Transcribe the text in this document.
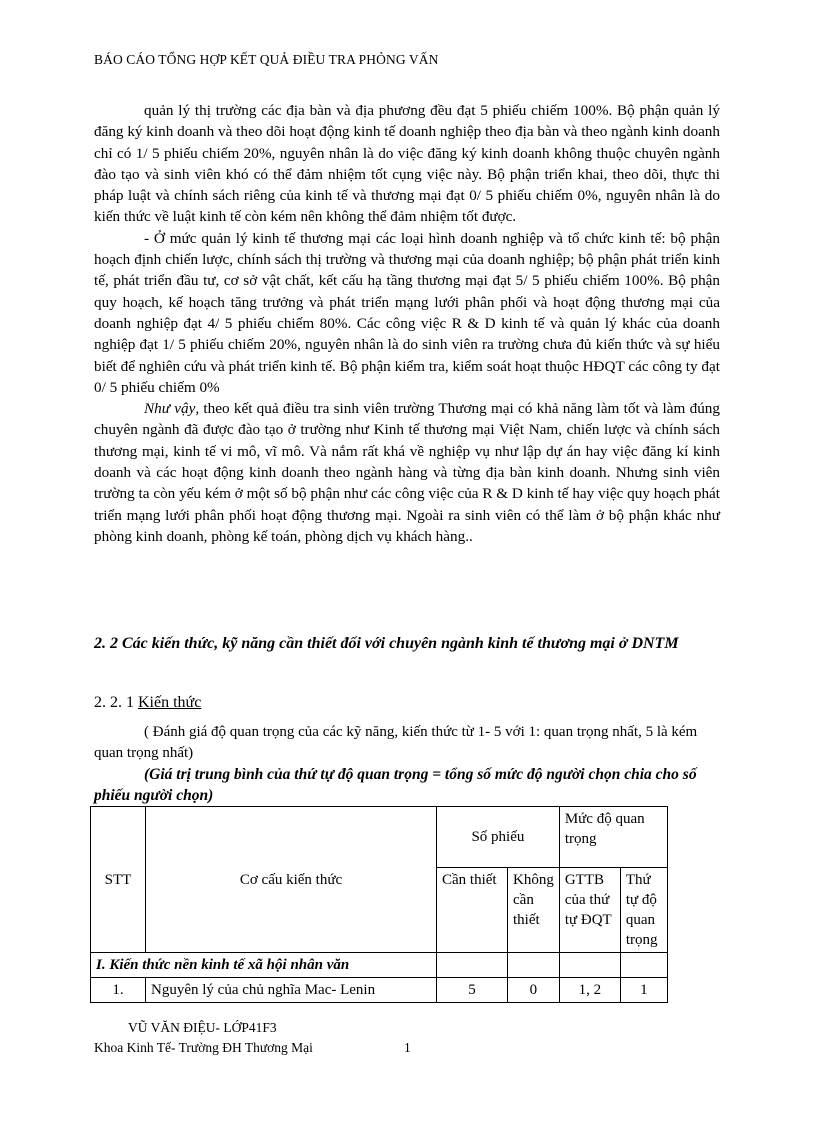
BÁO CÁO TỔNG HỢP KẾT QUẢ ĐIỀU TRA PHỎNG VẤN

quản lý thị trường các địa bàn và địa phương đều đạt 5 phiếu chiếm 100%. Bộ phận quản lý đăng ký kinh doanh và theo dõi hoạt động kinh tế doanh nghiệp theo địa bàn và theo ngành kinh doanh chỉ có 1/ 5 phiếu chiếm 20%, nguyên nhân là do việc đăng ký kinh doanh không thuộc chuyên ngành đào tạo và sinh viên khó có thể đảm nhiệm tốt cụng việc này. Bộ phận triển khai, theo dõi, thực thi pháp luật và chính sách riêng của kinh tế và thương mại đạt 0/ 5 phiếu chiếm 0%, nguyên nhân là do kiến thức về luật kinh tế còn kém nên không thể đảm nhiệm tốt được.

- Ở mức quản lý kinh tế thương mại các loại hình doanh nghiệp và tổ chức kinh tế: bộ phận hoạch định chiến lược, chính sách thị trường và thương mại của doanh nghiệp; bộ phận phát triển kinh tế, phát triển đầu tư, cơ sở vật chất, kết cấu hạ tầng thương mại đạt 5/ 5 phiếu chiếm 100%. Bộ phận quy hoạch, kế hoạch tăng trưởng và phát triển mạng lưới phân phối và hoạt động thương mại của doanh nghiệp đạt 4/ 5 phiếu chiếm 80%. Các công việc R & D kinh tế và quản lý khác của doanh nghiệp đạt 1/ 5 phiếu chiếm 20%, nguyên nhân là do sinh viên ra trường chưa đủ kiến thức và sự hiểu biết để nghiên cứu và phát triển kinh tế. Bộ phận kiểm tra, kiểm soát hoạt thuộc HĐQT các công ty đạt 0/ 5 phiếu chiếm 0%

Như vậy, theo kết quả điều tra sinh viên trường Thương mại có khả năng làm tốt và làm đúng chuyên ngành đã được đào tạo ở trường như Kinh tế thương mại Việt Nam, chiến lược và chính sách thương mại, kinh tế vi mô, vĩ mô. Và nắm rất khá về nghiệp vụ như lập dự án hay việc đăng kí kinh doanh và các hoạt động kinh doanh theo ngành hàng và từng địa bàn kinh doanh. Nhưng sinh viên trường ta còn yếu kém ở một số bộ phận như các công việc của R & D kinh tế hay việc quy hoạch phát triển mạng lưới phân phối hoạt động thương mại. Ngoài ra sinh viên có thể làm ở bộ phận khác như phòng kinh doanh, phòng kế toán, phòng dịch vụ khách hàng..

2. 2 Các kiến thức, kỹ năng cần thiết đối với chuyên ngành kinh tế thương mại ở DNTM
2. 2. 1 Kiến thức
( Đánh giá độ quan trọng của các kỹ năng, kiến thức từ 1- 5 với 1: quan trọng nhất, 5 là kém quan trọng nhất)
(Giá trị trung bình của thứ tự độ quan trọng = tổng số mức độ người chọn chia cho số phiếu người chọn)
STT	Cơ cấu kiến thức	Số phiếu		Mức độ quan trọng	
		Cần thiết	Không cần thiết	GTTB của thứ tự ĐQT	Thứ tự độ quan trọng
I. Kiến thức nền kinh tế xã hội nhân văn					
1.	Nguyên lý của chủ nghĩa Mac- Lenin	5	0	1, 2	1
VŨ VĂN ĐIỆU- LỚP41F3
Khoa Kinh Tế- Trường ĐH Thương Mại	1
